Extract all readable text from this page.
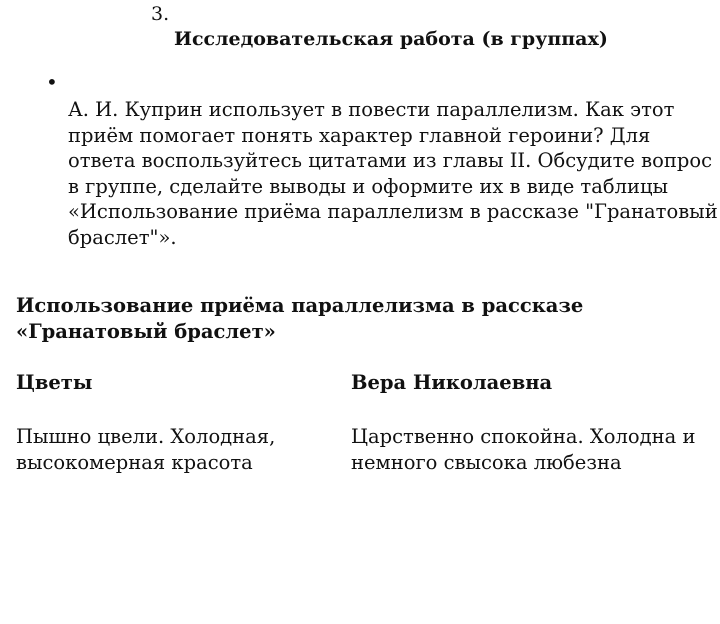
3.
Исследовательская работа (в группах)
•

А. И. Куприн использует в повести параллелизм. Как этот приём помогает понять характер главной героини? Для ответа воспользуйтесь цитатами из главы II. Обсудите вопрос в группе, сделайте выводы и оформите их в виде таблицы «Использование приёма параллелизм в рассказе "Гранатовый браслет"».

Использование приёма параллелизма в рассказе «Гранатовый браслет»

Цветы	Вера Николаевна

Пышно цвели. Холодная, высокомерная красота

Царственно спокойна. Холодна и немного свысока любезна
